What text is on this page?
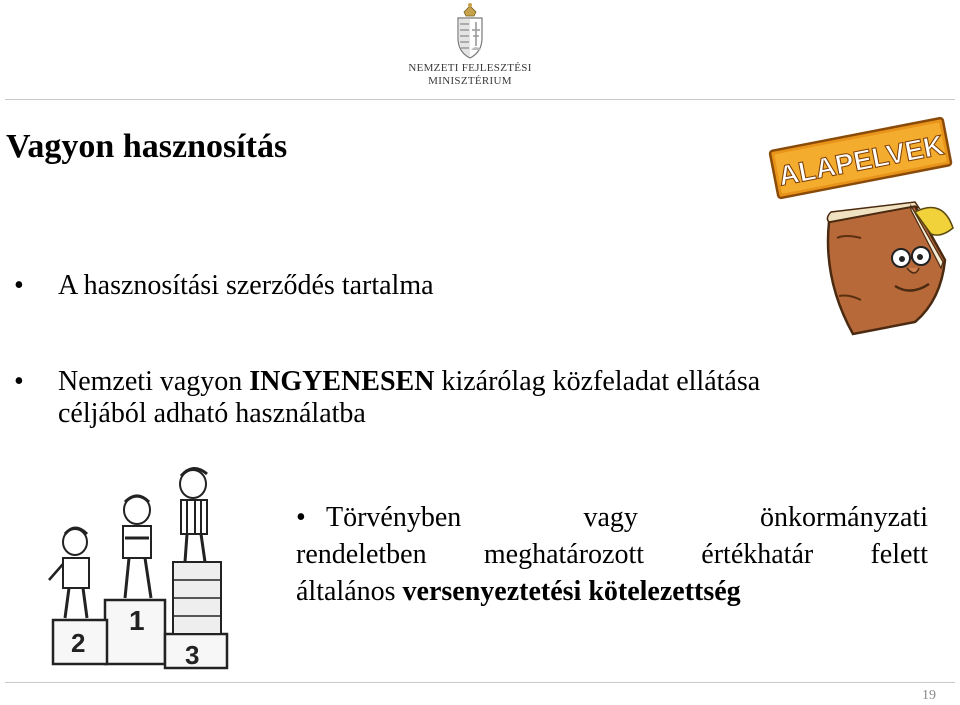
NEMZETI FEJLESZTÉSI
MINISZTÉRIUM
Vagyon hasznosítás
• A hasznosítási szerződés tartalma
• Nemzeti vagyon INGYENESEN kizárólag közfeladat ellátása
céljából adható használatba
• Törvényben	vagy	önkormányzati
rendeletben meghatározott értékhatár felett
általános versenyeztetési kötelezettség
ALAPELVEK
1
2	3
19
